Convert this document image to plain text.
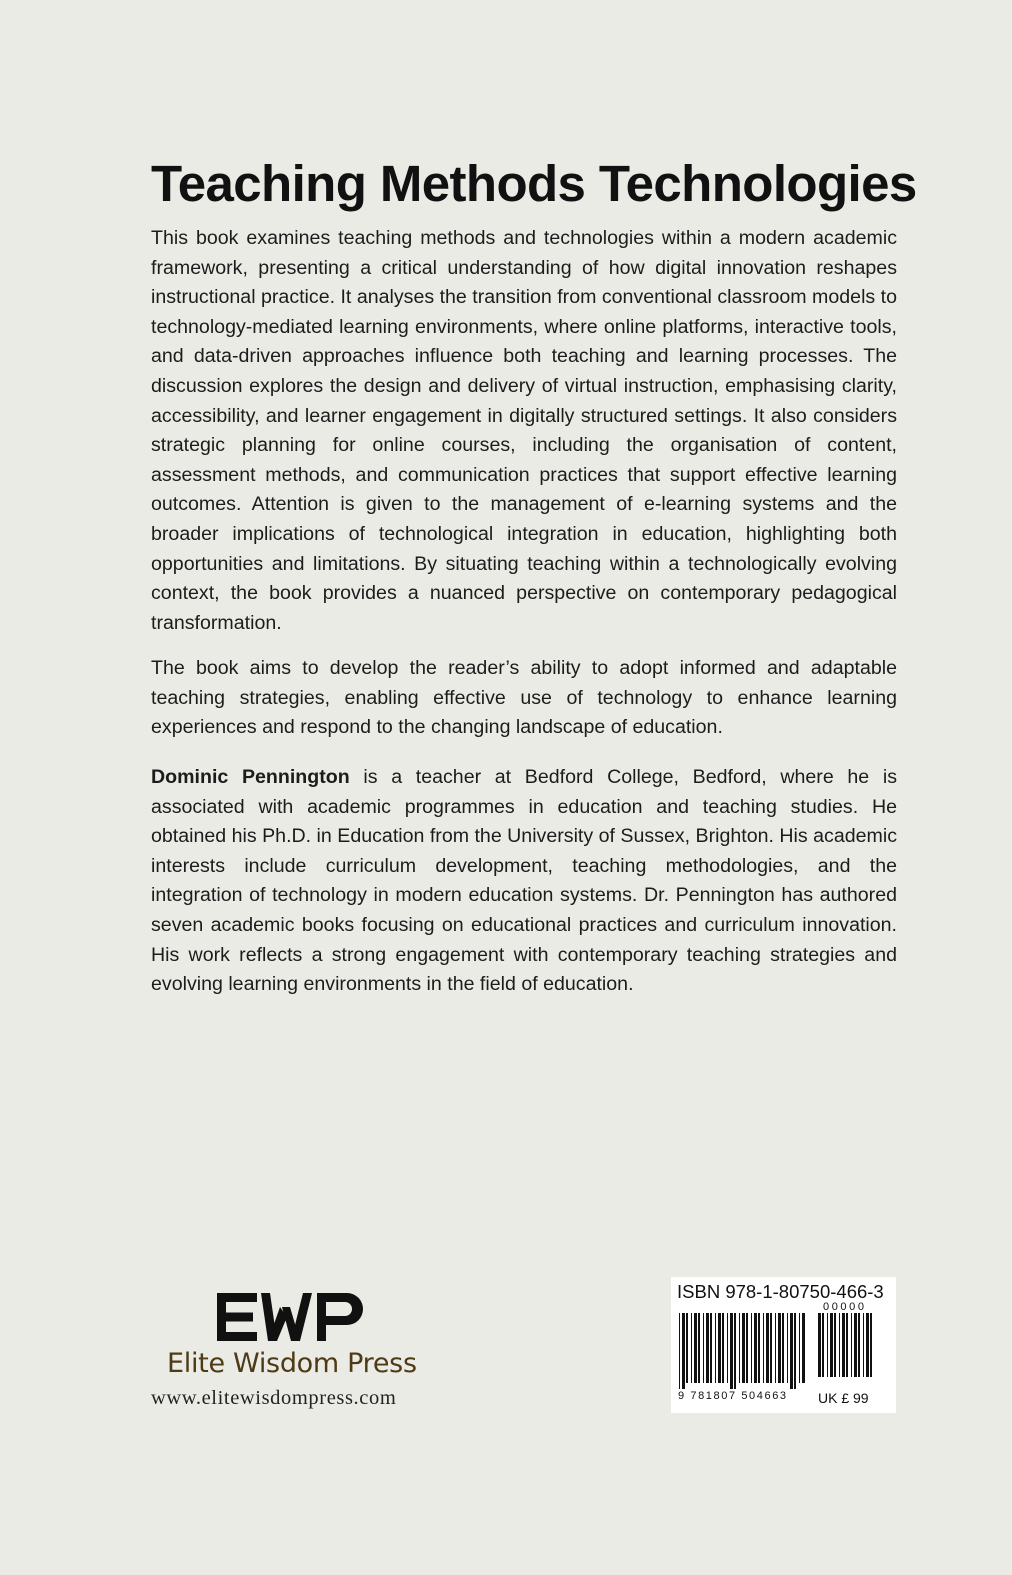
Teaching Methods Technologies

This book examines teaching methods and technologies within a modern academic framework, presenting a critical understanding of how digital innovation reshapes instructional practice. It analyses the transition from conventional classroom models to technology-mediated learning environments, where online platforms, interactive tools, and data-driven approaches influence both teaching and learning processes. The discussion explores the design and delivery of virtual instruction, emphasising clarity, accessibility, and learner engagement in digitally structured settings. It also considers strategic planning for online courses, including the organisation of content, assessment methods, and communication practices that support effective learning outcomes. Attention is given to the management of e-learning systems and the broader implications of technological integration in education, highlighting both opportunities and limitations. By situating teaching within a technologically evolving context, the book provides a nuanced perspective on contemporary pedagogical transformation.

The book aims to develop the reader’s ability to adopt informed and adaptable teaching strategies, enabling effective use of technology to enhance learning experiences and respond to the changing landscape of education.

Dominic Pennington is a teacher at Bedford College, Bedford, where he is associated with academic programmes in education and teaching studies. He obtained his Ph.D. in Education from the University of Sussex, Brighton. His academic interests include curriculum development, teaching methodologies, and the integration of technology in modern education systems. Dr. Pennington has authored seven academic books focusing on educational practices and curriculum innovation. His work reflects a strong engagement with contemporary teaching strategies and evolving learning environments in the field of education.

Elite Wisdom Press
www.elitewisdompress.com
ISBN 978-1-80750-466-3
00000
9 781807 504663 UK £ 99
